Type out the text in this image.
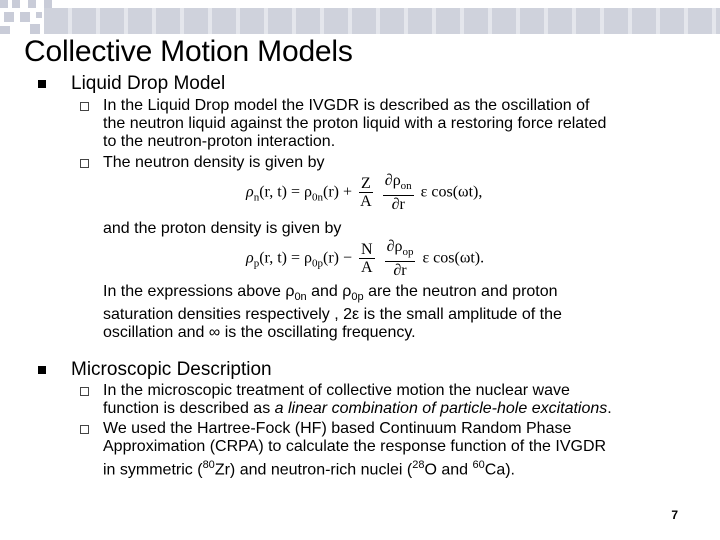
Collective Motion Models
Liquid Drop Model
In the Liquid Drop model the IVGDR is described as the oscillation of
the neutron liquid against the proton liquid with a restoring force related
to the neutron-proton interaction.
The neutron density is given by
$\rho_n(r$, $t) = \rho_{0n}(r) + \frac{Z}{A}$
$\frac{\partial\rho_{on}}{\partial r}$ ε cos(ωt),
and the proton density is given by
$\rho_p(r$, $t) = \rho_{0p}(r) - \frac{N}{A}$
$\frac{\partial\rho_{op}}{\partial r}$ ε cos(ωt).
In the expressions above $\rho_{0n}$ and $\rho_{0p}$ are the neutron and proton
saturation densities respectively , 2ε is the small amplitude of the
oscillation and ∞ is the oscillating frequency.
Microscopic Description
In the microscopic treatment of collective motion the nuclear wave
function is described as a linear combination of particle-hole excitations.
We used the Hartree-Fock (HF) based Continuum Random Phase
Approximation (CRPA) to calculate the response function of the IVGDR
in symmetric ($^{80}$Zr) and neutron-rich nuclei ($^{28}$O and $^{60}$Ca).
7
